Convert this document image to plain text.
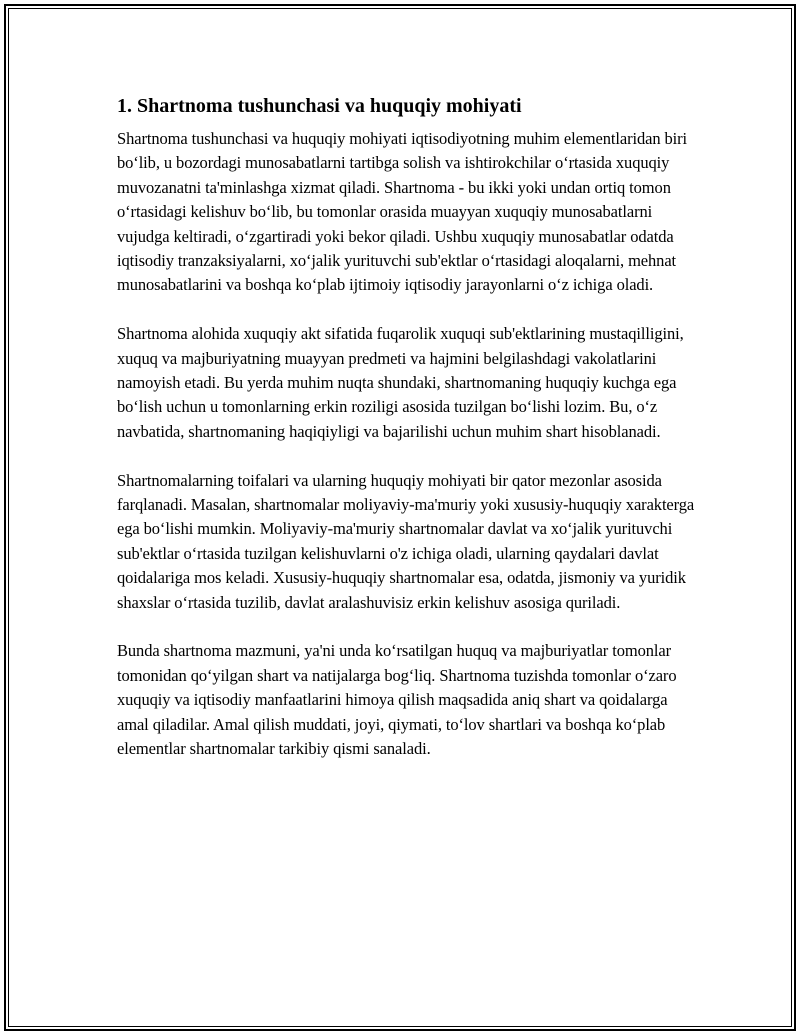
1. Shartnoma tushunchasi va huquqiy mohiyati

Shartnoma tushunchasi va huquqiy mohiyati iqtisodiyotning muhim elementlaridan biri bo‘lib, u bozordagi munosabatlarni tartibga solish va ishtirokchilar o‘rtasida xuquqiy muvozanatni ta'minlashga xizmat qiladi. Shartnoma - bu ikki yoki undan ortiq tomon o‘rtasidagi kelishuv bo‘lib, bu tomonlar orasida muayyan xuquqiy munosabatlarni vujudga keltiradi, o‘zgartiradi yoki bekor qiladi. Ushbu xuquqiy munosabatlar odatda iqtisodiy tranzaksiyalarni, xo‘jalik yurituvchi sub'ektlar o‘rtasidagi aloqalarni, mehnat munosabatlarini va boshqa ko‘plab ijtimoiy iqtisodiy jarayonlarni o‘z ichiga oladi.

Shartnoma alohida xuquqiy akt sifatida fuqarolik xuquqi sub'ektlarining mustaqilligini, xuquq va majburiyatning muayyan predmeti va hajmini belgilashdagi vakolatlarini namoyish etadi. Bu yerda muhim nuqta shundaki, shartnomaning huquqiy kuchga ega bo‘lish uchun u tomonlarning erkin roziligi asosida tuzilgan bo‘lishi lozim. Bu, o‘z navbatida, shartnomaning haqiqiyligi va bajarilishi uchun muhim shart hisoblanadi.

Shartnomalarning toifalari va ularning huquqiy mohiyati bir qator mezonlar asosida farqlanadi. Masalan, shartnomalar moliyaviy-ma'muriy yoki xususiy-huquqiy xarakterga ega bo‘lishi mumkin. Moliyaviy-ma'muriy shartnomalar davlat va xo‘jalik yurituvchi sub'ektlar o‘rtasida tuzilgan kelishuvlarni o'z ichiga oladi, ularning qaydalari davlat qoidalariga mos keladi. Xususiy-huquqiy shartnomalar esa, odatda, jismoniy va yuridik shaxslar o‘rtasida tuzilib, davlat aralashuvisiz erkin kelishuv asosiga quriladi.

Bunda shartnoma mazmuni, ya'ni unda ko‘rsatilgan huquq va majburiyatlar tomonlar tomonidan qo‘yilgan shart va natijalarga bog‘liq. Shartnoma tuzishda tomonlar o‘zaro xuquqiy va iqtisodiy manfaatlarini himoya qilish maqsadida aniq shart va qoidalarga amal qiladilar. Amal qilish muddati, joyi, qiymati, to‘lov shartlari va boshqa ko‘plab elementlar shartnomalar tarkibiy qismi sanaladi.
